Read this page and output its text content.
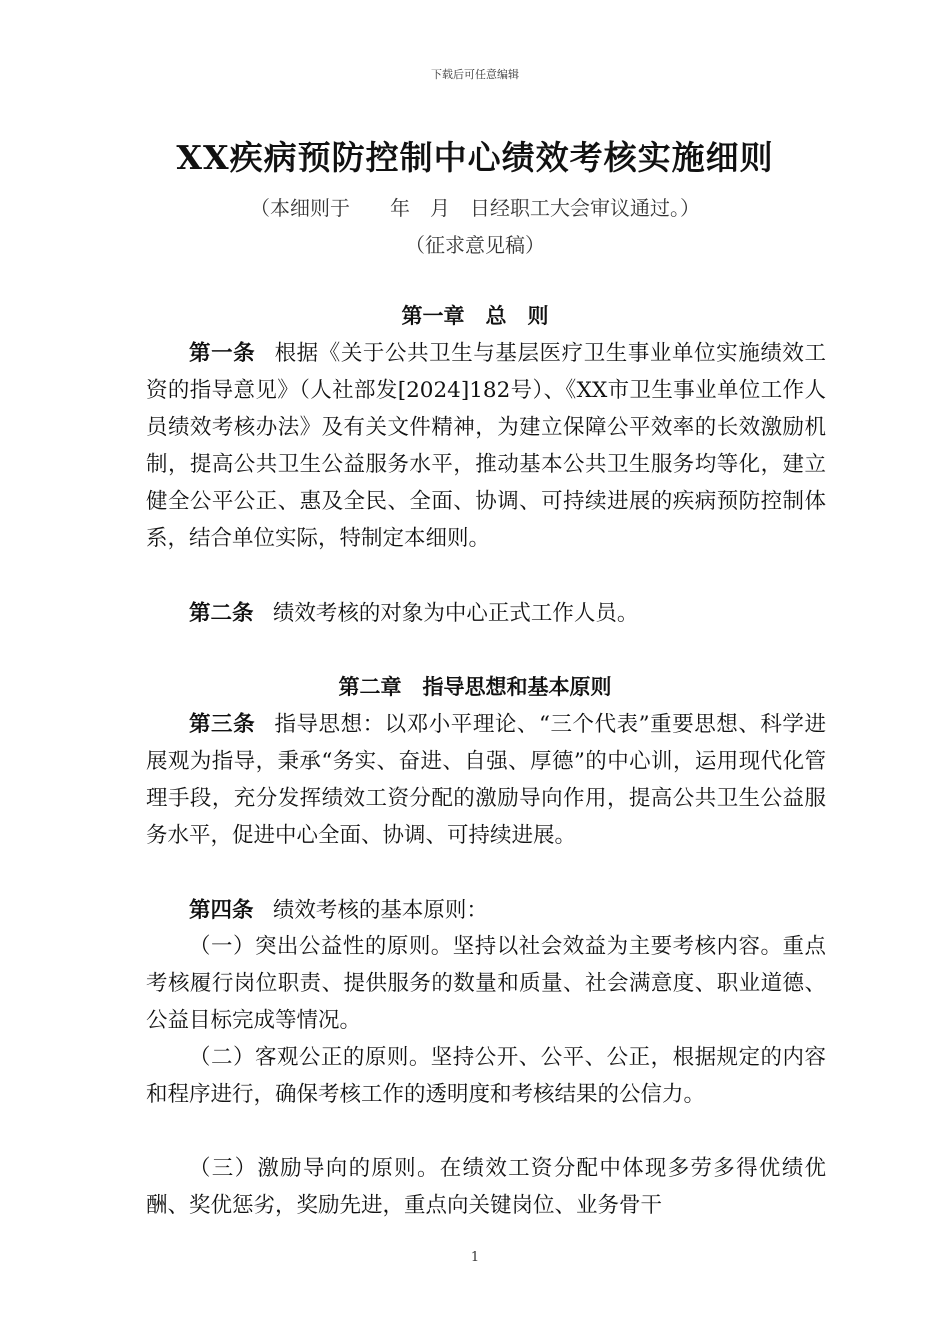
下载后可任意编辑
XX疾病预防控制中心绩效考核实施细则
（本细则于　　年　月　日经职工大会审议通过。）
（征求意见稿）
第一章　总　则

第一条 根据《关于公共卫生与基层医疗卫生事业单位实施绩效工资的指导意见》（人社部发[2024]182号）、《XX市卫生事业单位工作人员绩效考核办法》及有关文件精神，为建立保障公平效率的长效激励机制，提高公共卫生公益服务水平，推动基本公共卫生服务均等化，建立健全公平公正、惠及全民、全面、协调、可持续进展的疾病预防控制体系，结合单位实际，特制定本细则。

第二条 绩效考核的对象为中心正式工作人员。

第二章　指导思想和基本原则

第三条 指导思想：以邓小平理论、“三个代表”重要思想、科学进展观为指导，秉承“务实、奋进、自强、厚德”的中心训，运用现代化管理手段，充分发挥绩效工资分配的激励导向作用，提高公共卫生公益服务水平，促进中心全面、协调、可持续进展。

第四条 绩效考核的基本原则：

（一）突出公益性的原则。坚持以社会效益为主要考核内容。重点考核履行岗位职责、提供服务的数量和质量、社会满意度、职业道德、公益目标完成等情况。

（二）客观公正的原则。坚持公开、公平、公正，根据规定的内容和程序进行，确保考核工作的透明度和考核结果的公信力。

（三）激励导向的原则。在绩效工资分配中体现多劳多得优绩优酬、奖优惩劣，奖励先进，重点向关键岗位、业务骨干

1
